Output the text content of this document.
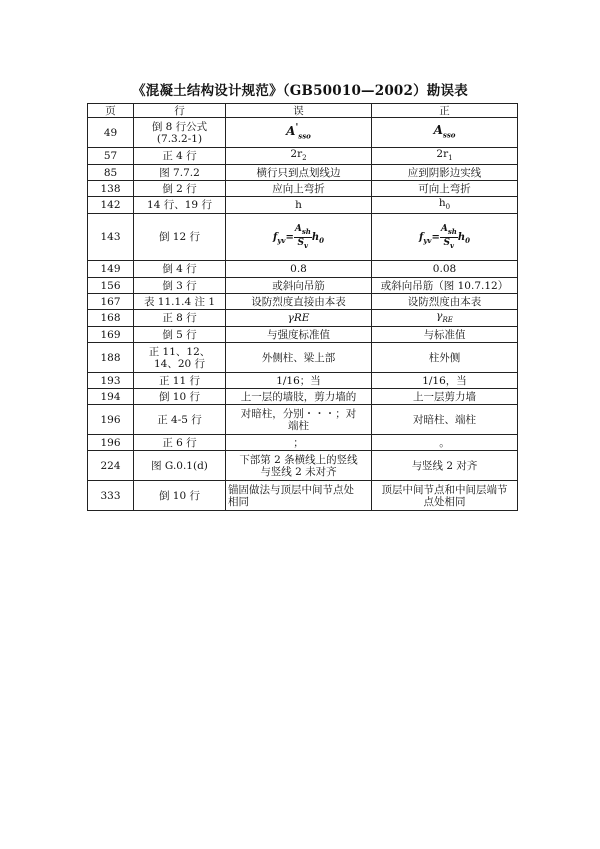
《混凝土结构设计规范》（GB50010—2002）勘误表
页	行	误	正
49	倒 8 行公式 (7.3.2-1)	$A'_{sso}$	$A_{sso}$
57	正 4 行	$2r_2$	$2r_1$
85	图 7.7.2	横行只到点划线边	应到阴影边实线
138	倒 2 行	应向上弯折	可向上弯折
142	14 行、19 行	h	$h_0$
143	倒 12 行	$f_{yv}= \frac{A_{sh}}{S_v} h_0$	$f_{yv}= \frac{A_{sh}}{S_v} h_0$
149	倒 4 行	0.8	0.08
156	倒 3 行	或斜向吊筋	或斜向吊筋（图 10.7.12）
167	表 11.1.4 注 1	设防烈度直接由本表	设防烈度由本表
168	正 8 行	γRE	$\gamma_{RE}$
169	倒 5 行	与强度标准值	与标准值
188	正 11、12、14、20 行	外侧柱、梁上部	柱外侧
193	正 11 行	1/16；当	1/16，当
194	倒 10 行	上一层的墙肢，剪力墙的	上一层剪力墙
196	正 4-5 行	对暗柱，分别・・・；对端柱	对暗柱、端柱
196	正 6 行	；	。
224	图 G.0.1(d)	下部第 2 条横线上的竖线与竖线 2 未对齐	与竖线 2 对齐
333	倒 10 行	锚固做法与顶层中间节点处相同	顶层中间节点和中间层端节点处相同
